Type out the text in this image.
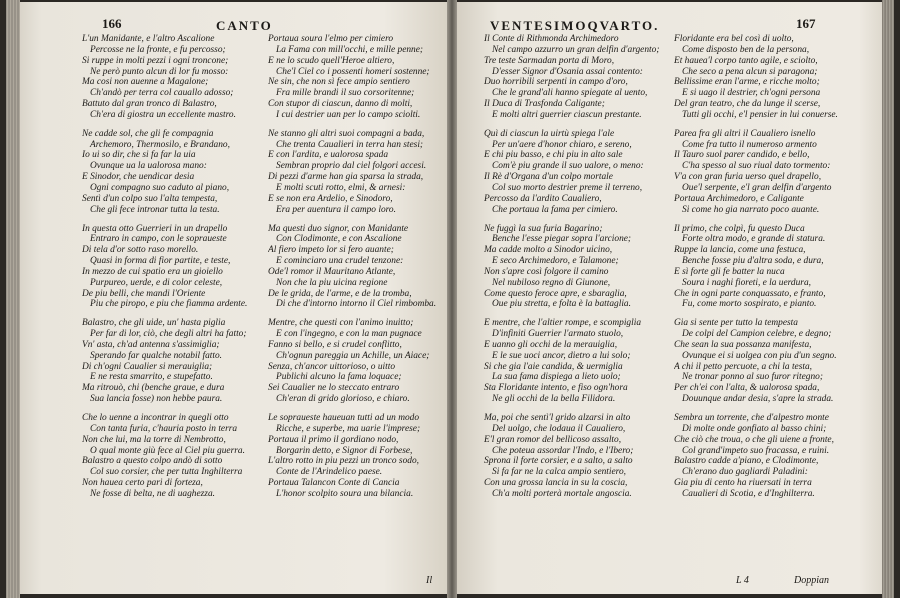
166	CANTO
L'un Manidante, e l'altro Ascalione
Percosse ne la fronte, e fu percosso;
Si ruppe in molti pezzi i ogni troncone;
Ne però punto alcun di lor fu mosso:
Ma cosi non auenne a Magalone;
Ch'andò per terra col cauallo adosso;
Battuto dal gran tronco di Balastro,
Ch'era di giostra un eccellente mastro.
Ne cadde sol, che gli fe compagnia
Archemoro, Thermosilo, e Brandano,
Io ui so dir, che si fa far la uia
Ovunque ua la ualorosa mano:
E Sinodor, che uendicar desia
Ogni compagno suo caduto al piano,
Sentì d'un colpo suo l'alta tempesta,
Che gli fece intronar tutta la testa.
In questa otto Guerrieri in un drapello
Entraro in campo, con le sopraueste
Di tela d'or sotto raso morello.
Quasi in forma di fior partite, e teste,
In mezzo de cui spatio era un gioiello
Purpureo, uerde, e di color celeste,
De piu belli, che mandi l'Oriente
Piu che piropo, e piu che fiamma ardente.
Balastro, che gli uide, un' hasta piglia
Per far di lor, ciò, che degli altri ha fatto;
Vn' asta, ch'ad antenna s'assimiglia;
Sperando far qualche notabil fatto.
Di ch'ogni Caualier si merauiglia;
E ne resta smarrito, e stupefatto.
Ma ritrouò, chi (benche graue, e dura
Sua lancia fosse) non hebbe paura.
Che lo uenne a incontrar in quegli otto
Con tanta furia, c'hauria posto in terra
Non che lui, ma la torre di Nembrotto,
O qual monte giù fece al Ciel piu guerra.
Balastro a questo colpo andò di sotto
Col suo corsier, che per tutta Inghilterra
Non hauea certo pari di forteza,
Ne fosse di belta, ne di uaghezza.
Portaua soura l'elmo per cimiero
La Fama con mill'occhi, e mille penne;
E ne lo scudo quell'Heroe altiero,
Che'l Ciel co i possenti homeri sostenne;
Ne sin, che non sì fece ampio sentiero
Fra mille brandi il suo corsoritenne;
Con stupor di ciascun, danno di molti,
I cui destrier uan per lo campo sciolti.
Ne stanno gli altri suoi compagni a bada,
Che trenta Caualieri in terra han stesi;
E con l'ardita, e ualorosa spada
Sembran proprio dal ciel folgori accesi.
Di pezzi d'arme han gia sparsa la strada,
E molti scuti rotto, elmi, & arnesi:
E se non era Ardelio, e Sinodoro,
Era per auentura il campo loro.
Ma questi duo signor, con Manidante
Con Clodimonte, e con Ascalione
Al fiero impeto lor si fero auante;
E cominciaro una crudel tenzone:
Ode'l romor il Mauritano Atlante,
Non che la piu uicina regione
De le grida, de l'arme, e de la tromba,
Di che d'intorno intorno il Ciel rimbomba.
Mentre, che questi con l'animo inuitto;
E con l'ingegno, e con la man pugnace
Fanno si bello, e si crudel conflitto,
Ch'ognun pareggia un Achille, un Aiace;
Senza, ch'ancor uittorioso, o uitto
Publichi alcuno la fama loquace;
Sei Caualier ne lo steccato entraro
Ch'eran di grido glorioso, e chiaro.
Le sopraueste haueuan tutti ad un modo
Ricche, e superbe, ma uarie l'imprese;
Portaua il primo il gordiano nodo,
Borgarin detto, e Signor di Forbese,
L'altro rotto in piu pezzi un tronco sodo,
Conte de l'Arindelico paese.
Portaua Talancon Conte di Cancia
L'honor scolpito soura una bilancia.
Il
VENTESIMOQVARTO.	167
Il Conte di Rithmonda Archimedoro
Nel campo azzurro un gran delfin d'argento;
Tre teste Sarmadan porta di Moro,
D'esser Signor d'Osania assai contento:
Duo horribili serpenti in campo d'oro,
Che le grand'ali hanno spiegate al uento,
Il Duca di Trasfonda Caligante;
E molti altri guerrier ciascun prestante.
Quì di ciascun la uirtù spiega l'ale
Per un'aere d'honor chiaro, e sereno,
E chi piu basso, e chi piu in alto sale
Com'è piu grande il suo ualore, o meno:
Il Rè d'Organa d'un colpo mortale
Col suo morto destrier preme il terreno,
Percosso da l'ardito Caualiero,
Che portaua la fama per cimiero.
Ne fuggì la sua furia Bagarino;
Benche l'esse piegar sopra l'arcione;
Ma cadde molto a Sinodor uicino,
E seco Archimedoro, e Talamone;
Non s'apre così folgore il camino
Nel nubiloso regno di Giunone,
Come questo feroce apre, e sbaraglia,
Oue piu stretta, e folta è la battaglia.
E mentre, che l'altier rompe, e scompiglia
D'infiniti Guerrier l'armato stuolo,
E uanno gli occhi de la merauiglia,
E le sue uoci ancor, dietro a lui solo;
Si che gia l'aie candida, & uermiglia
La sua fama dispiega a lieto uolo;
Sta Floridante intento, e fiso ogn'hora
Ne gli occhi de la bella Filidora.
Ma, poi che sentì'l grido alzarsi in alto
Del uolgo, che lodaua il Caualiero,
E'l gran romor del bellicoso assalto,
Che poteua assordar l'Indo, e l'Ibero;
Sprona il forte corsier, e a salto, a salto
Si fa far ne la calca ampio sentiero,
Con una grossa lancia in su la coscia,
Ch'a molti porterà mortale angoscia.
Floridante era bel così di uolto,
Come disposto ben de la persona,
Et hauea'l corpo tanto agile, e sciolto,
Che seco a pena alcun si paragona;
Bellissime eran l'arme, e ricche molto;
E si uago il destrier, ch'ogni persona
Del gran teatro, che da lunge il scerse,
Tutti gli occhi, e'l pensier in lui conuerse.
Parea fra gli altri il Caualiero isnello
Come fra tutto il numeroso armento
Il Tauro suol parer candido, e bello,
C'ha spesso al suo riual dato tormento:
V'a con gran furia uerso quel drapello,
Oue'l serpente, e'l gran delfin d'argento
Portaua Archimedoro, e Caligante
Si come ho gia narrato poco auante.
Il primo, che colpì, fu questo Duca
Forte oltra modo, e grande di statura.
Ruppe la lancia, come una festuca,
Benche fosse piu d'altra soda, e dura,
E sì forte gli fe batter la nuca
Soura i naghi fioreti, e la uerdura,
Che in ogni parte conquassato, e franto,
Fu, come morto sospirato, e pianto.
Gia si sente per tutto la tempesta
De colpi del Campion celebre, e degno;
Che sean la sua possanza manifesta,
Ovunque ei si uolgea con piu d'un segno.
A chi il petto percuote, a chi la testa,
Ne tronar ponno al suo furor ritegno;
Per ch'ei con l'alta, & ualorosa spada,
Douunque andar desia, s'apre la strada.
Sembra un torrente, che d'alpestro monte
Di molte onde gonfiato al basso chini;
Che ciò che troua, o che gli uiene a fronte,
Col grand'impeto suo fracassa, e ruini.
Balastro cadde a'piano, e Clodimonte,
Ch'erano duo gagliardi Paladini:
Gia piu di cento ha riuersati in terra
Caualieri di Scotia, e d'Inghilterra.
L 4	Doppian
